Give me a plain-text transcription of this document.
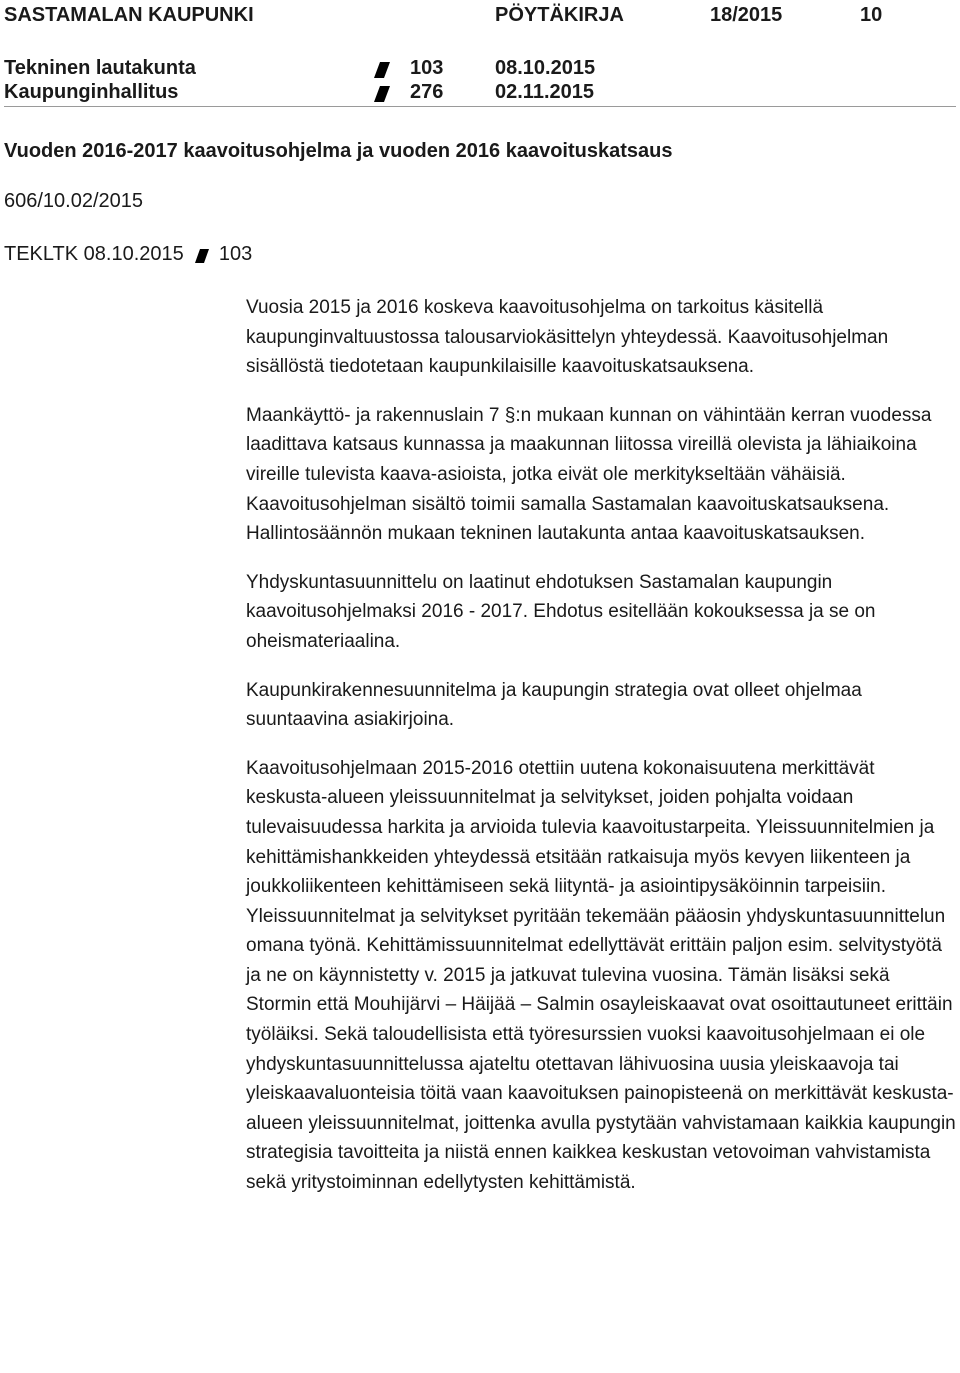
SASTAMALAN KAUPUNKI	PÖYTÄKIRJA	18/2015	10
Tekninen lautakunta	103	08.10.2015
Kaupunginhallitus	276	02.11.2015
Vuoden 2016-2017 kaavoitusohjelma ja vuoden 2016 kaavoituskatsaus
606/10.02/2015
TEKLTK 08.10.2015 103

Vuosia 2015 ja 2016 koskeva kaavoitusohjelma on tarkoitus käsitellä kaupunginvaltuustossa talousarviokäsittelyn yhteydessä. Kaavoitusohjelman sisällöstä tiedotetaan kaupunkilaisille kaavoituskatsauksena.

Maankäyttö- ja rakennuslain 7 §:n mukaan kunnan on vähintään kerran vuodessa laadittava katsaus kunnassa ja maakunnan liitossa vireillä olevista ja lähiaikoina vireille tulevista kaava-asioista, jotka eivät ole merkitykseltään vähäisiä. Kaavoitusohjelman sisältö toimii samalla Sastamalan kaavoituskatsauksena. Hallintosäännön mukaan tekninen lautakunta antaa kaavoituskatsauksen.

Yhdyskuntasuunnittelu on laatinut ehdotuksen Sastamalan kaupungin kaavoitusohjelmaksi 2016 - 2017. Ehdotus esitellään kokouksessa ja se on oheismateriaalina.

Kaupunkirakennesuunnitelma ja kaupungin strategia ovat olleet ohjelmaa suuntaavina asiakirjoina.

Kaavoitusohjelmaan 2015-2016 otettiin uutena kokonaisuutena merkittävät keskusta-alueen yleissuunnitelmat ja selvitykset, joiden pohjalta voidaan tulevaisuudessa harkita ja arvioida tulevia kaavoitustarpeita. Yleissuunnitelmien ja kehittämishankkeiden yhteydessä etsitään ratkaisuja myös kevyen liikenteen ja joukkoliikenteen kehittämiseen sekä liityntä- ja asiointipysäköinnin tarpeisiin. Yleissuunnitelmat ja selvitykset pyritään tekemään pääosin yhdyskuntasuunnittelun omana työnä. Kehittämissuunnitelmat edellyttävät erittäin paljon esim. selvitystyötä ja ne on käynnistetty v. 2015 ja jatkuvat tulevina vuosina. Tämän lisäksi sekä Stormin että Mouhijärvi – Häijää – Salmin osayleiskaavat ovat osoittautuneet erittäin työläiksi. Sekä taloudellisista että työresurssien vuoksi kaavoitusohjelmaan ei ole yhdyskuntasuunnittelussa ajateltu otettavan lähivuosina uusia yleiskaavoja tai yleiskaavaluonteisia töitä vaan kaavoituksen painopisteenä on merkittävät keskusta-alueen yleissuunnitelmat, joittenka avulla pystytään vahvistamaan kaikkia kaupungin strategisia tavoitteita ja niistä ennen kaikkea keskustan vetovoiman vahvistamista sekä yritystoiminnan edellytysten kehittämistä.
